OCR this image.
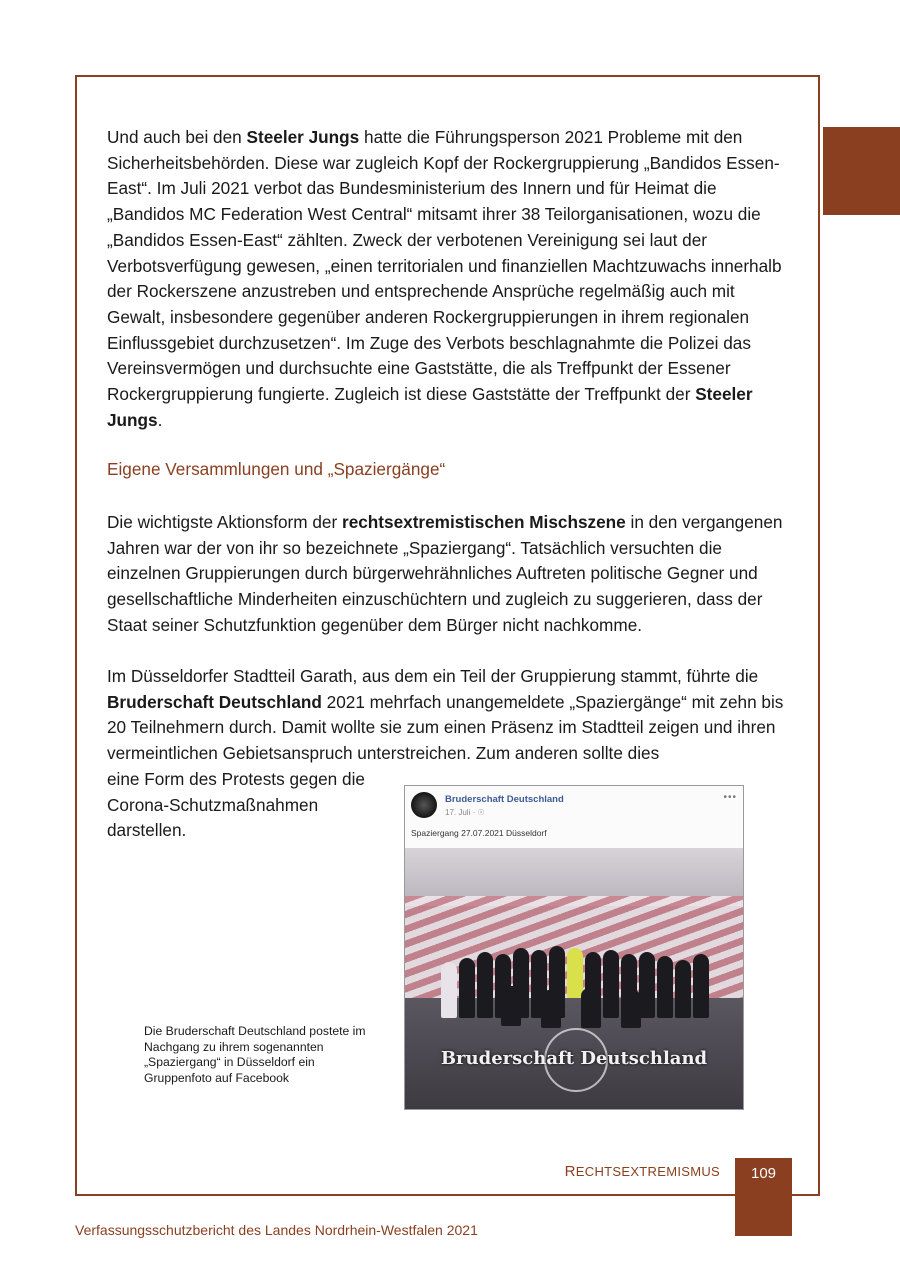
Und auch bei den Steeler Jungs hatte die Führungsperson 2021 Probleme mit den Sicherheitsbehörden. Diese war zugleich Kopf der Rockergruppierung „Bandidos Essen-East“. Im Juli 2021 verbot das Bundesministerium des Innern und für Heimat die „Bandidos MC Federation West Central“ mitsamt ihrer 38 Teilorganisationen, wozu die „Bandidos Essen-East“ zählten. Zweck der verbotenen Vereinigung sei laut der Verbotsverfügung gewesen, „einen territorialen und finanziellen Machtzuwachs innerhalb der Rockerszene anzustreben und entsprechende Ansprüche regelmäßig auch mit Gewalt, insbesondere gegenüber anderen Rockergruppierungen in ihrem regionalen Einflussgebiet durchzusetzen“. Im Zuge des Verbots beschlagnahmte die Polizei das Vereinsvermögen und durchsuchte eine Gaststätte, die als Treffpunkt der Essener Rockergruppierung fungierte. Zugleich ist diese Gaststätte der Treffpunkt der Steeler Jungs.

Eigene Versammlungen und „Spaziergänge“

Die wichtigste Aktionsform der rechtsextremistischen Mischszene in den vergangenen Jahren war der von ihr so bezeichnete „Spaziergang“. Tatsächlich versuchten die einzelnen Gruppierungen durch bürgerwehrähnliches Auftreten politische Gegner und gesellschaftliche Minderheiten einzuschüchtern und zugleich zu suggerieren, dass der Staat seiner Schutzfunktion gegenüber dem Bürger nicht nachkomme.

Im Düsseldorfer Stadtteil Garath, aus dem ein Teil der Gruppierung stammt, führte die Bruderschaft Deutschland 2021 mehrfach unangemeldete „Spaziergänge“ mit zehn bis 20 Teilnehmern durch. Damit wollte sie zum einen Präsenz im Stadtteil zeigen und ihren vermeintlichen Gebietsanspruch unterstreichen. Zum anderen sollte dies

eine Form des Protests gegen die Corona-Schutzmaßnahmen darstellen.

Bruderschaft Deutschland
17. Juli · ☉
•••
Spaziergang 27.07.2021 Düsseldorf
Bruderschaft Deutschland

Die Bruderschaft Deutschland postete im Nachgang zu ihrem sogenannten „Spaziergang“ in Düsseldorf ein Gruppenfoto auf Facebook

RECHTSEXTREMISMUS	109
Verfassungsschutzbericht des Landes Nordrhein-Westfalen 2021
